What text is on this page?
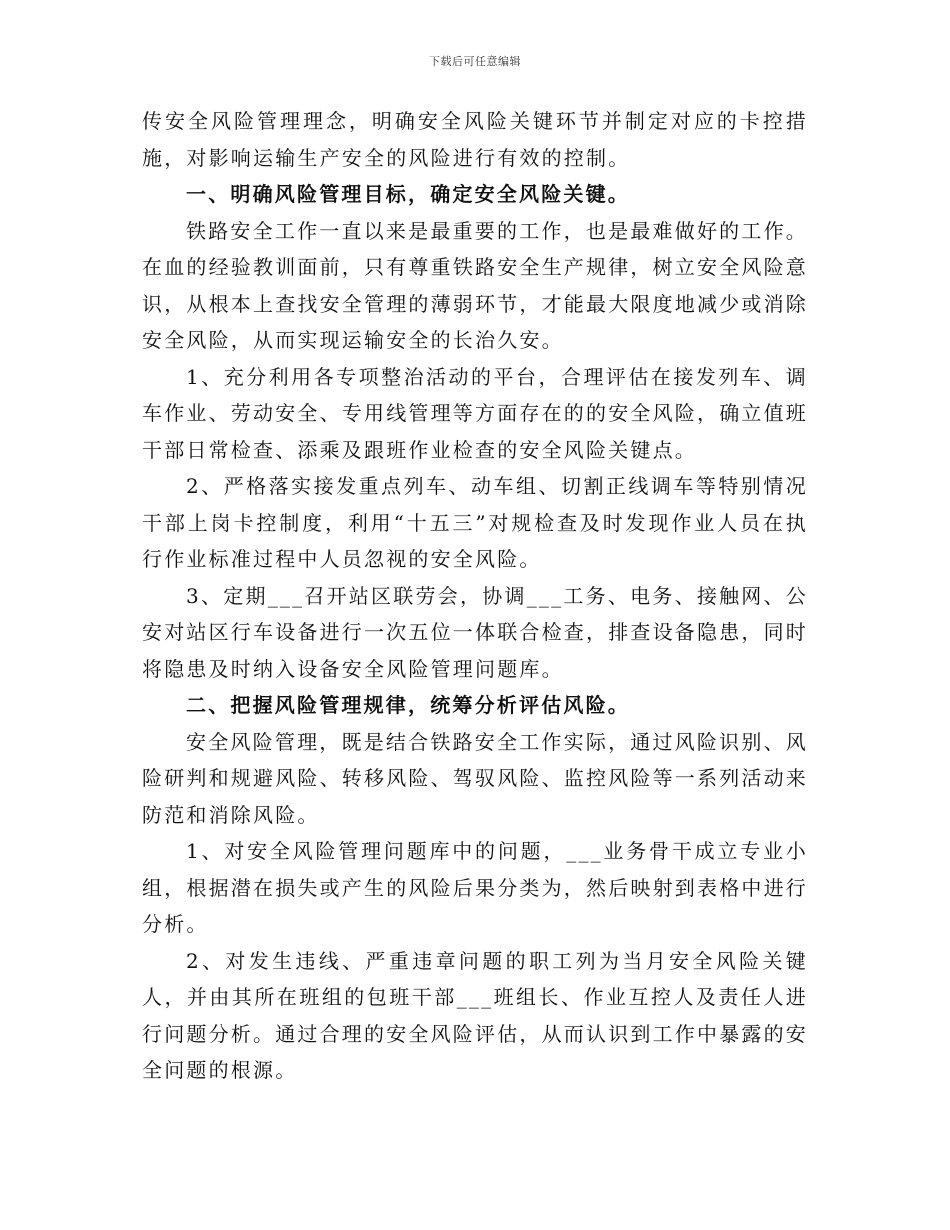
下载后可任意编辑

传安全风险管理理念，明确安全风险关键环节并制定对应的卡控措施，对影响运输生产安全的风险进行有效的控制。

一、明确风险管理目标，确定安全风险关键。

铁路安全工作一直以来是最重要的工作，也是最难做好的工作。在血的经验教训面前，只有尊重铁路安全生产规律，树立安全风险意识，从根本上查找安全管理的薄弱环节，才能最大限度地减少或消除安全风险，从而实现运输安全的长治久安。

1、充分利用各专项整治活动的平台，合理评估在接发列车、调车作业、劳动安全、专用线管理等方面存在的的安全风险，确立值班干部日常检查、添乘及跟班作业检查的安全风险关键点。

2、严格落实接发重点列车、动车组、切割正线调车等特别情况干部上岗卡控制度，利用“十五三”对规检查及时发现作业人员在执行作业标准过程中人员忽视的安全风险。

3、定期___召开站区联劳会，协调___工务、电务、接触网、公安对站区行车设备进行一次五位一体联合检查，排查设备隐患，同时将隐患及时纳入设备安全风险管理问题库。

二、把握风险管理规律，统筹分析评估风险。

安全风险管理，既是结合铁路安全工作实际，通过风险识别、风险研判和规避风险、转移风险、驾驭风险、监控风险等一系列活动来防范和消除风险。

1、对安全风险管理问题库中的问题，___业务骨干成立专业小组，根据潜在损失或产生的风险后果分类为，然后映射到表格中进行分析。

2、对发生违线、严重违章问题的职工列为当月安全风险关键人，并由其所在班组的包班干部___班组长、作业互控人及责任人进行问题分析。通过合理的安全风险评估，从而认识到工作中暴露的安全问题的根源。
